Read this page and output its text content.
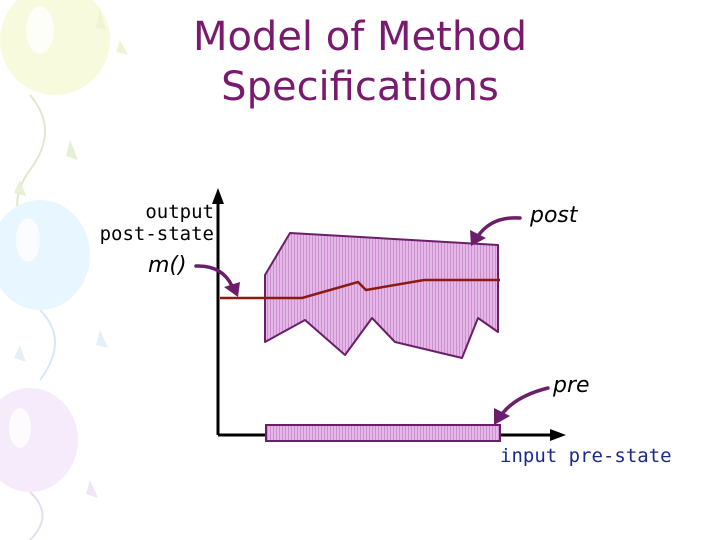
Model of Method
Specifications
output
post-state
m()
post
pre
input pre-state
